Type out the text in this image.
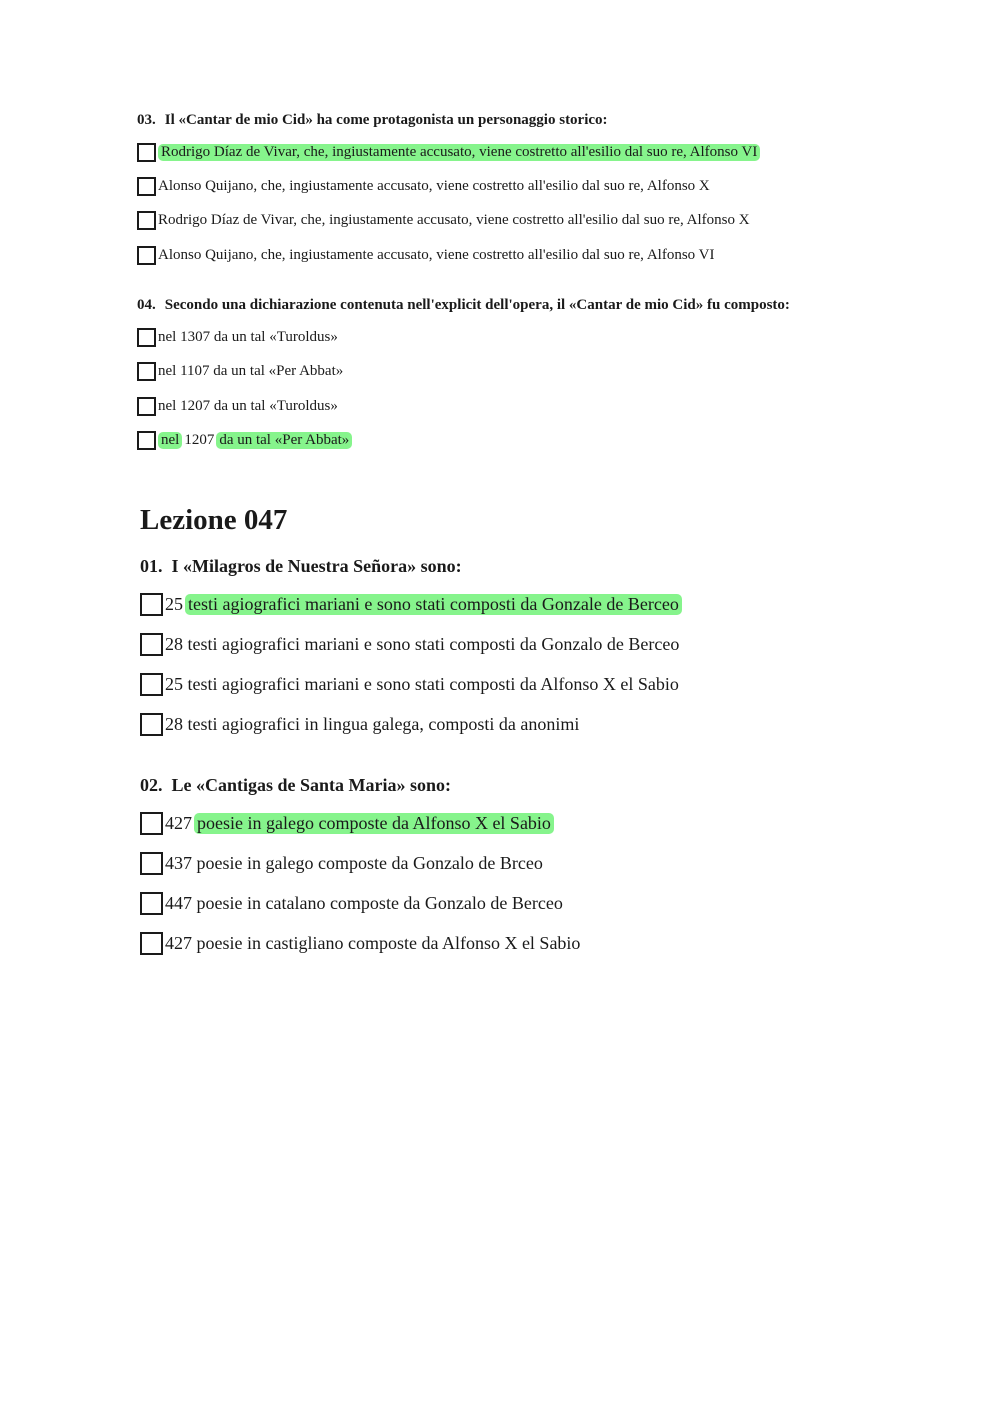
03. Il «Cantar de mio Cid» ha come protagonista un personaggio storico:
Rodrigo Díaz de Vivar, che, ingiustamente accusato, viene costretto all'esilio dal suo re, Alfonso VI
Alonso Quijano, che, ingiustamente accusato, viene costretto all'esilio dal suo re, Alfonso X
Rodrigo Díaz de Vivar, che, ingiustamente accusato, viene costretto all'esilio dal suo re, Alfonso X
Alonso Quijano, che, ingiustamente accusato, viene costretto all'esilio dal suo re, Alfonso VI
04. Secondo una dichiarazione contenuta nell'explicit dell'opera, il «Cantar de mio Cid» fu composto:
nel 1307 da un tal «Turoldus»
nel 1107 da un tal «Per Abbat»
nel 1207 da un tal «Turoldus»
nel 1207 da un tal «Per Abbat»
Lezione 047
01. I «Milagros de Nuestra Señora» sono:
25 testi agiografici mariani e sono stati composti da Gonzale de Berceo
28 testi agiografici mariani e sono stati composti da Gonzalo de Berceo
25 testi agiografici mariani e sono stati composti da Alfonso X el Sabio
28 testi agiografici in lingua galega, composti da anonimi
02. Le «Cantigas de Santa Maria» sono:
427 poesie in galego composte da Alfonso X el Sabio
437 poesie in galego composte da Gonzalo de Brceo
447 poesie in catalano composte da Gonzalo de Berceo
427 poesie in castigliano composte da Alfonso X el Sabio
